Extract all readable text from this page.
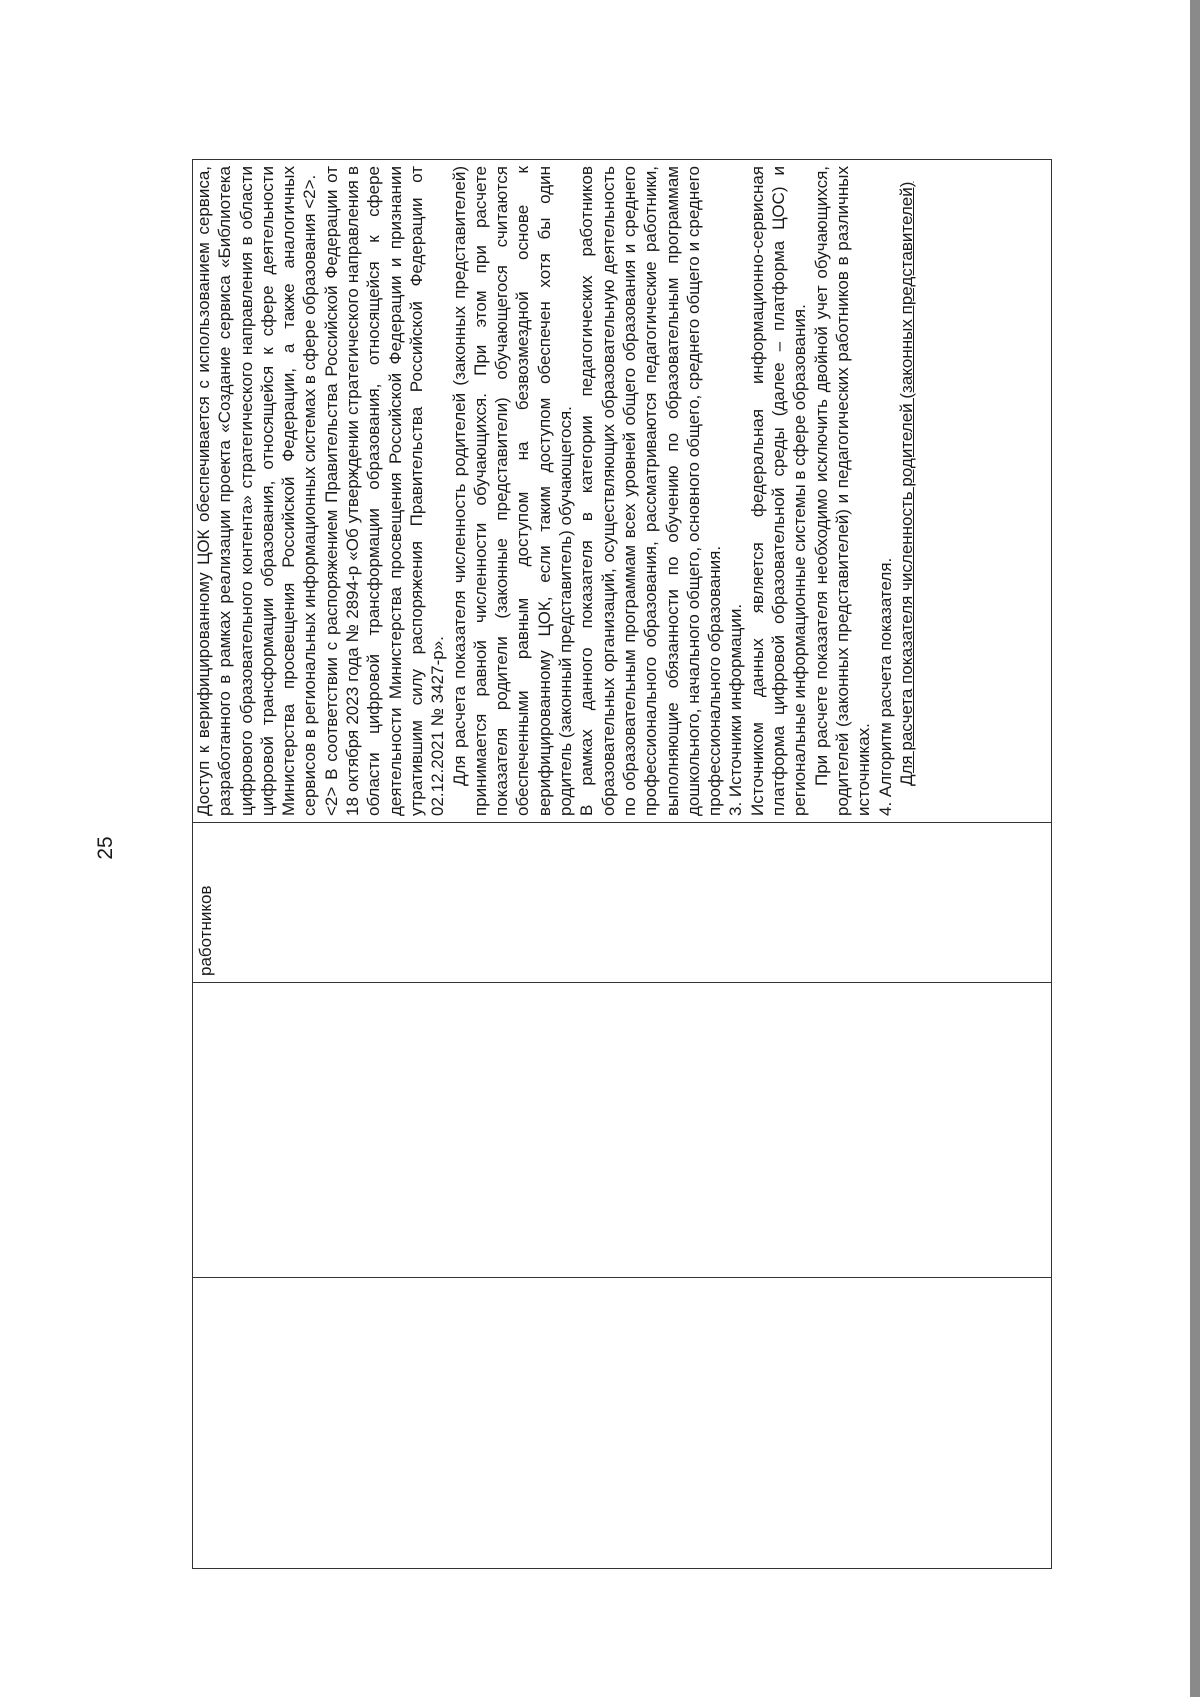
25
работников

Доступ к верифицированному ЦОК обеспечивается с использованием сервиса, разработанного в рамках реализации проекта «Создание сервиса «Библиотека цифрового образовательного контента» стратегического направления в области цифровой трансформации образования, относящейся к сфере деятельности Министерства просвещения Российской Федерации, а также аналогичных сервисов в региональных информационных системах в сфере образования <2>. <2> В соответствии с распоряжением Правительства Российской Федерации от 18 октября 2023 года № 2894-р «Об утверждении стратегического направления в области цифровой трансформации образования, относящейся к сфере деятельности Министерства просвещения Российской Федерации и признании утратившим силу распоряжения Правительства Российской Федерации от 02.12.2021 № 3427-р». Для расчета показателя численность родителей (законных представителей) принимается равной численности обучающихся. При этом при расчете показателя родители (законные представители) обучающегося считаются обеспеченными равным доступом на безвозмездной основе к верифицированному ЦОК, если таким доступом обеспечен хотя бы один родитель (законный представитель) обучающегося. В рамках данного показателя в категории педагогических работников образовательных организаций, осуществляющих образовательную деятельность по образовательным программам всех уровней общего образования и среднего профессионального образования, рассматриваются педагогические работники, выполняющие обязанности по обучению по образовательным программам дошкольного, начального общего, основного общего, среднего общего и среднего профессионального образования. 3. Источники информации. Источником данных является федеральная информационно-сервисная платформа цифровой образовательной среды (далее – платформа ЦОС) и региональные информационные системы в сфере образования. При расчете показателя необходимо исключить двойной учет обучающихся, родителей (законных представителей) и педагогических работников в различных источниках. 4. Алгоритм расчета показателя. Для расчета показателя численность родителей (законных представителей)
